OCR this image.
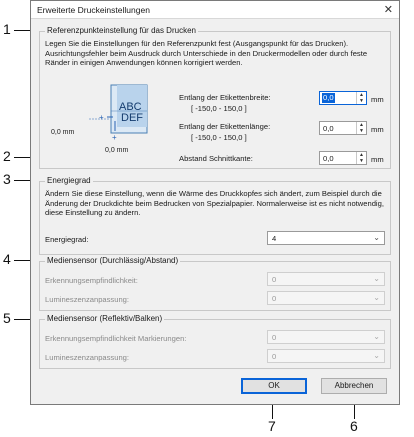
1
2
3
4
5
7	6
Erweiterte Druckeinstellungen	✕
Referenzpunkteinstellung für das Drucken
Legen Sie die Einstellungen für den Referenzpunkt fest (Ausgangspunkt für das Drucken). Ausrichtungsfehler beim Ausdruck durch Unterschiede in den Druckermodellen oder durch feste Ränder in einigen Anwendungen können korrigiert werden.
+
+
ABC
DEF
0,0 mm
0,0 mm
Entlang der Etikettenbreite:
[ -150,0 - 150,0 ]
0,0	▲
▼ mm
Entlang der Etikettenlänge:
[ -150,0 - 150,0 ]
0,0	▲
▼ mm
Abstand Schnittkante:	0,0	▲
▼ mm
Energiegrad
Ändern Sie diese Einstellung, wenn die Wärme des Druckkopfes sich ändert, zum Beispiel durch die Änderung der Druckdichte beim Bedrucken von Spezialpapier. Normalerweise ist es nicht notwendig, diese Einstellung zu ändern.
Energiegrad:	4	⌄
Mediensensor (Durchlässig/Abstand)
Erkennungsempfindlichkeit:	0	⌄
Lumineszenzanpassung:	0	⌄
Mediensensor (Reflektiv/Balken)
Erkennungsempfindlichkeit Markierungen:	0	⌄
Lumineszenzanpassung:	0	⌄
OK	Abbrechen
